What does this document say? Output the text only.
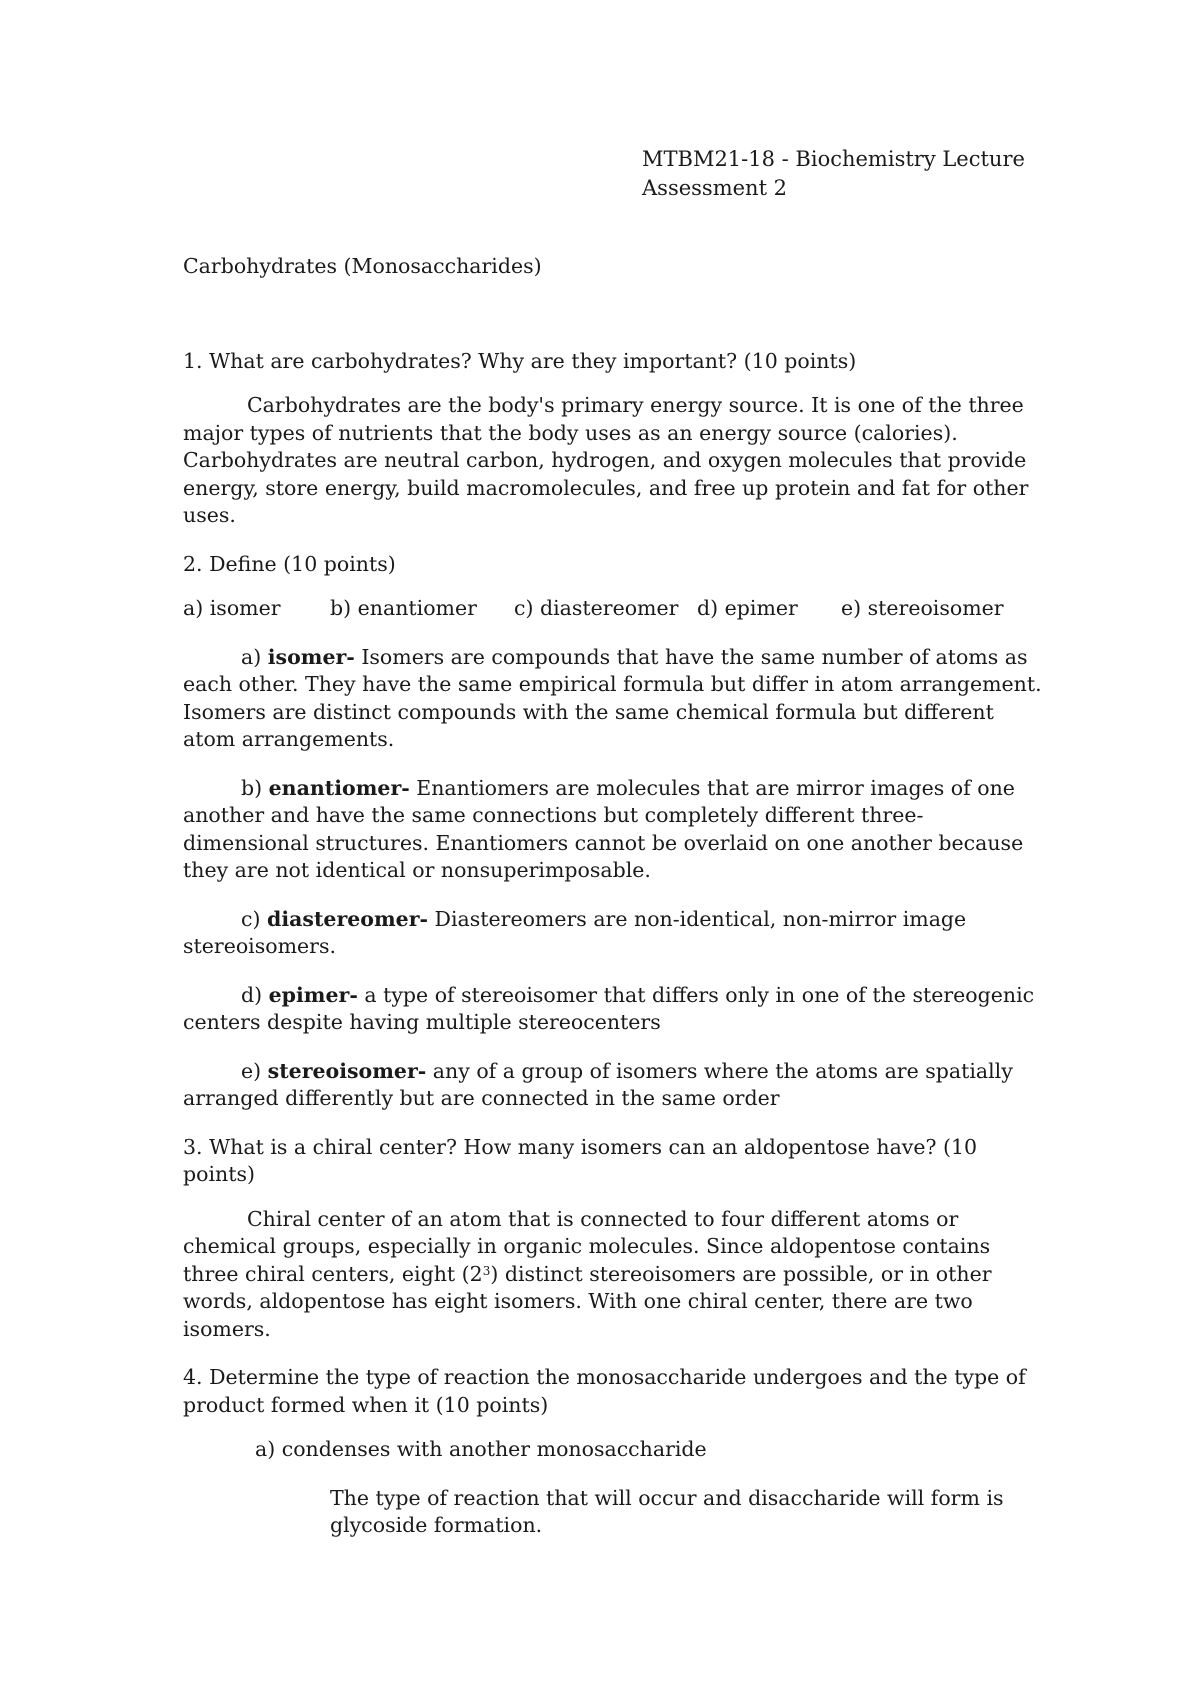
MTBM21-18 - Biochemistry Lecture
Assessment 2

Carbohydrates (Monosaccharides)

1. What are carbohydrates? Why are they important? (10 points)

Carbohydrates are the body's primary energy source. It is one of the three major types of nutrients that the body uses as an energy source (calories). Carbohydrates are neutral carbon, hydrogen, and oxygen molecules that provide energy, store energy, build macromolecules, and free up protein and fat for other uses.

2. Define (10 points)

a) isomer	b) enantiomer	c) diastereomer d) epimer	e) stereoisomer

a) isomer- Isomers are compounds that have the same number of atoms as each other. They have the same empirical formula but differ in atom arrangement. Isomers are distinct compounds with the same chemical formula but different atom arrangements.

b) enantiomer- Enantiomers are molecules that are mirror images of one another and have the same connections but completely different three-dimensional structures. Enantiomers cannot be overlaid on one another because they are not identical or nonsuperimposable.

c) diastereomer- Diastereomers are non-identical, non-mirror image stereoisomers.

d) epimer- a type of stereoisomer that differs only in one of the stereogenic centers despite having multiple stereocenters

e) stereoisomer- any of a group of isomers where the atoms are spatially arranged differently but are connected in the same order

3. What is a chiral center? How many isomers can an aldopentose have? (10 points)

Chiral center of an atom that is connected to four different atoms or chemical groups, especially in organic molecules. Since aldopentose contains three chiral centers, eight $(2^3)$ distinct stereoisomers are possible, or in other words, aldopentose has eight isomers. With one chiral center, there are two isomers.

4. Determine the type of reaction the monosaccharide undergoes and the type of product formed when it (10 points)

a) condenses with another monosaccharide

The type of reaction that will occur and disaccharide will form is glycoside formation.
